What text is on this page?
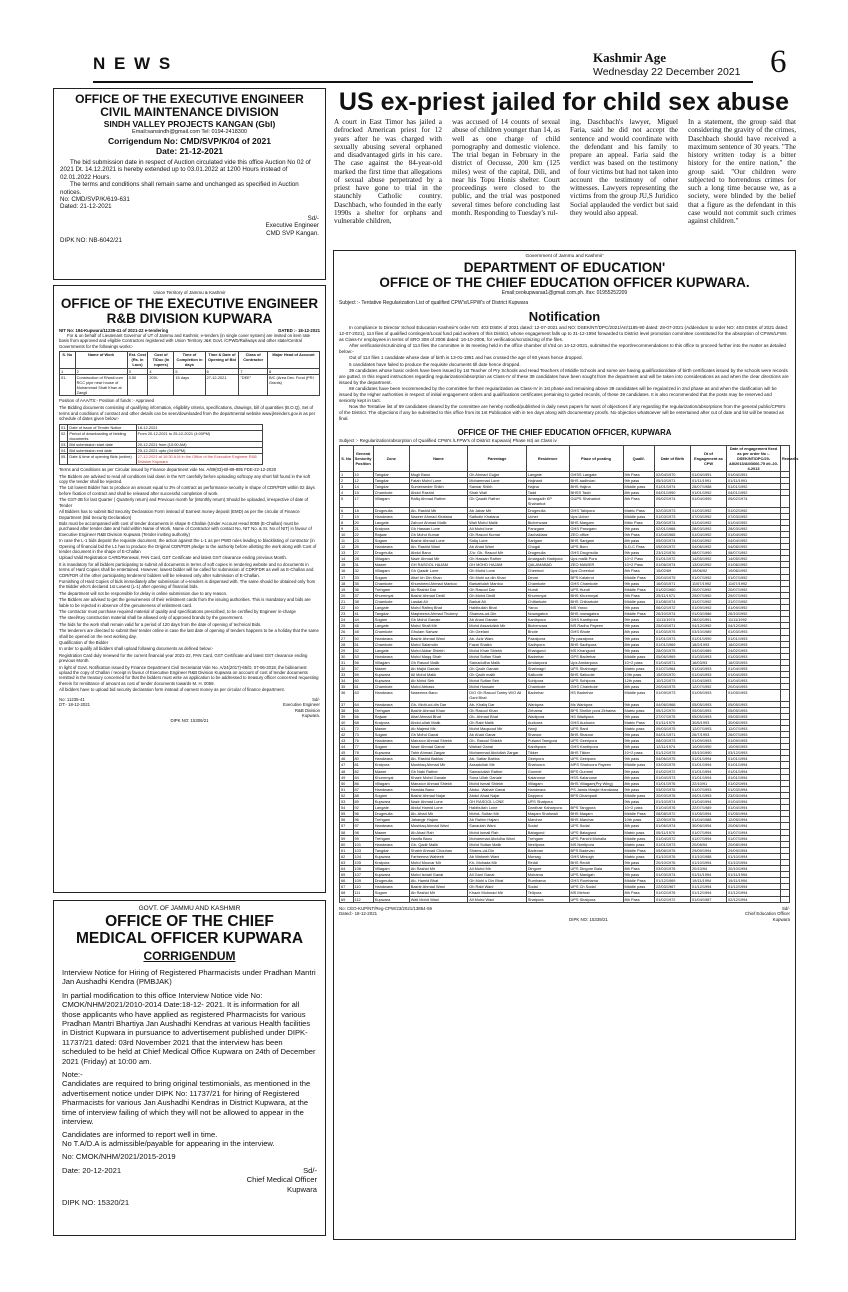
N E W S	Kashmir Age
Wednesday 22 December 2021 6
OFFICE OF THE EXECUTIVE ENGINEER
CIVIL MAINTENANCE DIVISION
SINDH VALLEY PROJECTS KANGAN (Gbl)
Email:sansindh@gmail.com Tel: 0194-2418300
Corrigendum No: CMD/SVP/K/04 of 2021
Date: 21-12-2021
The bid submission date in respect of Auction circulated vide this office Auction No 02 of 2021 Dt. 14.12.2021 is hereby extended up to 03.01.2022 at 1200 Hours instead of 02.01.2022 Hours.
The terms and conditions shall remain same and unchanged as specified in Auction notices.
No: CMD/SVP/K/619-631
Dated: 21-12-2021
Sd/-
Executive Engineer
CMD SVP Kangan.
DIPK NO: NB-6042/21
Union Territory of Jammu & Kashmir
OFFICE OF THE EXECUTIVE ENGINEER
R&B DIVISION KUPWARA
NIT No: 194-Kupwara/11235-41 of 2021-22 e-tendering	DATED :- 18-12-2021
For & on behalf of Lieutenant Governor of UT of Jammu and Kashmir, e-tenders (in single cover system) are invited on item rate basis from approved and eligible Contractors registered with Union Territory J&K Govt. /CPWD/Railways and other state/Central Governments for the followings works:-
S. No	Name of Work	Est. Cost (Rs. In Lacs)	Cost of T/Doc (In rupees)	Time of Completion in days	Time & Date of Opening of Bid	Class of Contractor	Major Head of Account
1	2	3	4	5	6	7	8
01.	Construction of R/wall cum RCC pipe near house of Mohammad Shafi Khan at Zangli	3.50	200/-	15 days	27-12-2021	"DEE"	B/C (Area Dev. Fund (PRI Grants)
Position of AAA/TS:- Position of funds :- Approved
The Bidding documents consisting of qualifying information, eligibility criteria, specifications, drawings, bill of quantities (B.O.Q), Set of terms and conditions of contract and other details can be seen/downloaded from the departmental website www.jktenders.gov.in as per schedule of dates given below:-
01.	Date of issue of Tender Notice	18-12-2021
02.	Period of downloading of bidding documents	From 20-12-2021 to 25-12-2021 (4:00PM)
03.	Bid submission start date	20-12-2021 from (10:00 AM)
04.	Bid submission end date	25-12-2021 upto (04:00PM)
05.	Date & time of opening Bids (online)	27-12-2021 at 10:30 A.M in the Office of the Executive Engineer R&B Division Kupwara

Terms and Conditions as per Circular issued by Finance department vide No. A/89(03)-Bl-89-895 FDE-22-12-2020

The Bidders are advised to read all conditions laid down in the NIT carefully before uploading softcopy any short fall found in the soft copy the tender shall be rejected.

The 1st lowest Bidder has to produce an amount equal to 3% of contract as performance security in shape of CDR/FDR within 02 days before fixation of contract and shall be released after successful completion of work.

The GST-3B for last Quarter ( Quarterly return) and Previous month for (Monthly return) Should be uploaded, irrespective of date of Tender

All Bidders has to submit Bid Security Declaration Form instead of Earnest money deposit (EMD) as per the circular of Finance Department (Bid Security Declaration)

Bids must be accompanied with cost of tender documents in shape E-Challan (Under Account Head 0059 (E-Challan) must be purchased after tender date and hold within Name of Work, Name of Contractor with contact No, NIT No. & Sr. No of NIT) in favour of Executive Engineer R&B Division Kupwara (Tender inviting authority)

In case the L-1 bids deposit the requisite document, the action against the L-1 as per PWD rules leading to blacklisting of contractor (in Opening of financial bid the L1 has to produce the Original CDR/FDR pledge to the authority before allotting the work along with Cost of tender document in the shape of E-Challan

Upload Valid Registration CARD/Renewal, PAN Card, GST Certificate and latest GST clearance ending previous Month.

It is mandatory for all bidders participating to submit all documents in terms of soft copies in rendering website and no documents in terms of Hard Copies shall be entertained. However, lowest bidder will be called for submission of CDR/FDR as well as E-Challan and CDR/FDR of the other participating tenderers/ bidders will be released only after submission of E-Challan.

Furnishing of Hard Copies of bids immediately after submission of e-tenders is dispensed with. The same should be obtained only from the Bidder who's declared 1st Lowest (L-1) after opening of financial bids.

The department will not be responsible for delay in online submission due to any reason.

The Bidders are advised to get the genuineness of their enlistment cards from the issuing authorities. This is mandatory and bids are liable to be rejected in absence of the genuineness of enlistment card.

The contractor must purchase required material of quality and specifications prescribed, to be certified by Engineer in-charge

The steel/Key construction material shall be allowed only of approved brands by the government.

The bids for the work shall remain valid for a period of 120 days from the date of opening of technical Bids.

The tenderers are directed to submit their tender online in case the last date of opening of tenders happens to be a holiday that the same shall be opened on the next working day.

Qualification of the Bidder

In order to qualify all bidders shall upload following documents as defined below:-

Registration Card duly renewed for the current financial year 2021-22, PAN Card, GST Certificate and latest GST clearance ending previous Month.

In light of Govt. Notification issued by Finance Department Civil Secretariat Vide No. A/24(2017)-65/D, 07-06-2018, the bid/earnest upload the copy of Challan / receipt in favour of Executive Engineer R&B Division Kupwara on account of cost of tender documents remitted in the treasury concerned for that the bidders must write an application to be addressed to treasury officer concerned requesting therein for remittance of amount as cost of tender documents towards M. H. 0059.

All bidders have to upload bid security declaration form instead of earnest money as per circular of finance department.

No: 11235-41
DT:- 18-12-2021
Sd/-
Executive Engineer
R&B Division
Kupwara.
DIPK NO: 15306/21
GOVT. OF JAMMU AND KASHMIR
OFFICE OF THE CHIEF
MEDICAL OFFICER KUPWARA
CORRIGENDUM
Interview Notice for Hiring of Registered Pharmacists under Pradhan Mantri Jan Aushadhi Kendra (PMBJAK)
In partial modification to this office Interview Notice vide No: CMOK/NHM/2021/2010-2014 Date:18-12- 2021. It is information for all those applicants who have applied as registered Pharmacists for various Pradhan Mantri Bhartiya Jan Aushadhi Kendras at various Health facilities in District Kupwara in pursuance to advertisement published under DIPK-11737/21 dated: 03rd November 2021 that the interview has been scheduled to be held at Chief Medical Office Kupwara on 24th of December 2021 (Friday) at 10:00 am.
Note:-
Candidates are required to bring original testimonials, as mentioned in the advertisement notice under DIPK No: 11737/21 for hiring of Registered Pharmacists for various Jan Aushadhi Kendras in District Kupwara, at the time of interview failing of which they will not be allowed to appear in the interview.
Candidates are informed to report well in time.
No T.A/D.A is admissible/payable for appearing in the interview.
No: CMOK/NHM/2021/2015-2019
Date: 20-12-2021	Sd/-
Chief Medical Officer
Kupwara
DIPK NO: 15320/21
US ex-priest jailed for child sex abuse
A court in East Timor has jailed a defrocked American priest for 12 years after he was charged with sexually abusing several orphaned and disadvantaged girls in his care. The case against the 84-year-old marked the first time that allegations of sexual abuse perpetrated by a priest have gone to trial in the staunchly Catholic country. Daschbach, who founded in the early 1990s a shelter for orphans and vulnerable children,
was accused of 14 counts of sexual abuse of children younger than 14, as well as one charge of child pornography and domestic violence. The trial began in February in the district of Oecusse, 200 km (125 miles) west of the capital, Dili, and near his Topu Honis shelter. Court proceedings were closed to the public, and the trial was postponed several times before concluding last month. Responding to Tuesday's rul-
ing, Daschbach's lawyer, Miguel Faria, said he did not accept the sentence and would coordinate with the defendant and his family to prepare an appeal. Faria said the verdict was based on the testimony of four victims but had not taken into account the testimony of other witnesses. Lawyers representing the victims from the group JU,S Juridico Social applauded the verdict but said they would also appeal.
In a statement, the group said that considering the gravity of the crimes, Daschbach should have received a maximum sentence of 30 years. "The history written today is a bitter history for the entire nation," the group said. "Our children were subjected to horrendous crimes for such a long time because we, as a society, were blinded by the belief that a figure as the defendant in this case would not commit such crimes against children."
Government of Jammu and Kashmir'
DEPARTMENT OF EDUCATION'
OFFICE OF THE CHIEF EDUCATION OFFICER KUPWARA.
Email;ceokupwaraa1@gmail.com.ph. /fax: 01955252209
Subject :- Tentative Regularization List of qualified CPW's/LFPW's of District Kupwara
Notification

In compliance to Director School Education Kashmir's order NO: 403 DSEK of 2021 dated: 12-07-2021 and NO: DSEK/NT/DPC/2021/AII/1185-90 dated: 28-07-2021 (Addendum to order NO: 403 DSEK of 2021 dated: 12-07-2021), 114 files of qualified contingent/Local fund paid workers of this District, whose engagement falls up to 31-12-1994 forwarded to District level promotion committee constituted for the absorption of CPWs/LFWs as Class-IV employees in terms of SRO 308 of 2008 dated: 16-10-2008, for verification/scrutinizing of the files.

After verification/scrutinizing of 114 files the committee in its meeting held in the office chamber of I/Sd on 14-12-2021, submitted the report/recommendations to this office to proceed further into the matter as detailed below:-

Out of 114 files 1 candidate whose date of birth is 13-01-1961 and has crossed the age of 60 years hence dropped.

5 candidates have failed to produce the requisite documents till date hence dropped.

39 candidates whose basic orders have been issued by 1st Teacher of Pry Schools and Head Teachers of Middle Schools and some are having qualification/date of birth certificates issued by the schools were records are gutted. In this regard instructions regarding regularization/absorption as Class-IV of these 39 candidates have been sought from the department and will be taken into considerations as and when the clear directions are issued by the department.

69 candidates have been recommended by the committee for their regularization as Class-IV in 1st phase and remaining above 39 candidates will be regularized in 2nd phase as and when the clarification will be issued by the Higher authorities in respect of initial engagement orders and qualifications certificates pertaining to gutted records, of these 39 candidates. It is also recommended that the posts may be reserved and seniority kept in tact.

Now the Tentative list of 69 candidates cleared by the committee are hereby notified/published in daily news papers for want of objections if any regarding the regularization/absorptions from the general public/CPW's of the District. The objections if any be submitted to this office from its 1st Publication with in ten days along with documentary proofs. No objection whatsoever will be entertained after cut of date and list will be treated as final.

OFFICE OF THE CHIEF EDUCATION OFFICER, KUPWARA
Subject :- Regularization/absorption of Qualified CPW's /LFPW's of District Kupwara( Phase Ist) as Class iv
S. No	General Seniority Position	Zone	Name	Parentage	Residence	Place of posting	Qualif-	Date of Birth	Dt of Engagement as CPW	Date of engagement fixed as per order No :- DSEK/NT/DPC/29-AII/2013/AII/3666-75 dt:-20-4-2013	Remarks
1	10	Tangdar	Mugli Bano	Gh Ahmad Gujjar	Langate	GHSS Langate	9th Pass	02/04/1970	01/04/1991	01/04/1991	
2	12	Tangdar	Fatah Mohd Lone	Mohammad Lone	Hajinard	BHS aadhvian	9th pass	05/10/1971	01/11/1991	01/11/1991	
3	14	Tangdar	Sumerweder Shikh	Sarwar Shikh	Hajina	BHS Hajina	Middle pass	01/01/1974	28/07/1988	01/01/1992	
4	15	Chamkote	Abdul Rashid	Shah Wali	Tadd	BHSS Tadd	8th pass	04/01/1990	01/01/1992	04/01/1992	
5	17	Villagam	Rafiq Ahmad Rather	Gh Qaadir Rather	Amargadh KP Shaharkot	GUPS Shaharkot	8th Pass	05/02/1974	01/04/1990	05/02/1974	
6	18	Drugmulla	Ab- Rashid Mir	Ab Jabar Mir	Drugmulla	GHS Takipora	Matric Pass	02/03/1973	01/03/1992	01/02/1992	
7	19	Handwara	Nazeer Ahmad Khatana	Saifudin Khatana	Ucher	Ups Ucher	Middle pass	01/03/1973	07/03/1992	07/03/1992	
8	20	Langate	Zahoor Ahmad Malik	Wali Mohd Malik	Bichenvara	BHS Margam	Mtric Pass	25/03/1974	01/04/1992	01/04/1992	
9	21	Kralpora	Gh Hassan Lone	Ali Mohd lone	Panzgam	GHS Panzgam	9th pass	02/01/1968	28/03/1992	28/03/1992	
10	22	Rajwar	Gh Mohd Kumar	Gh Rasool Kumar	Zachaldara	ZEO office	9th Pass	01/04/1965	01/04/1992	01/04/1992	
11	23	Sogam	Bashir Ahmad Lone	Sidiq Lone	Sarigam	BHS Sarigam	8th pass	05/03/1974	04/04/1992	04/04/1992	
12	25	Handwara	Ab- Rashid Wani	Ab Ahad Wani	Chogal	UPS Bom	5-D-C Pass	05/03/1972	04/06/1992	04/06/1992	
13	27	Drugmulla	Abdul Bano	Z/o: Gh- Rasool Mir	Drugmulla	GHS Drugmulla	9th pass	23/12/1976	08/07/1990	08/07/1992	
14	28	Villagam	Nazir Ahmad Mir	Gh Hassan Rather	Amargadh Hadipora	Ups malik Pora	10+2 Pass	01/01/1972	14/05/1992	14/05/1992	
15	31	Mawer	GH RASOOL HAJAM	GH MOHD HAJAM	QALAMABAD	ZEO MAWER	10+2 Pass	01/06/1974	13/04/1992	01/06/1992	
16	32	Villagam	Gh Qaadir Lone	Gh Mohd Lone	Cheerkot	Ups Cheerkot	8th Pass	15/02/69	19/06/92	19/06/1992	
17	33	Sogam	Altaf Un Din Khan	Gh Mohi ua din Khan	Devar	BPS Kalahrot	Middle Pass	20/04/1975	01/07/1992	01/07/1992	
18	35	Chamkote	Khursheed Ahmad Mantoo	Barkattulah Mantoo	Chamkote	GHS Chamkote	9th pass	16/03/1971	11/07/1992	11/07/1992	
19	36	Trehgam	Ab Rashid Dar	Gh Rasool Dar	Hundi	UPS Hundi	Middle Pass	01/02/1960	20/07/1992	20/07/1992	
20	37	Khurmnyal	Bashir Ahmad Dedil	Gh Mohd Dedil	Khurmnyal	BHS Khurmnyal	9th Pass	25/11/1971	29/07/1992	29/07/1992	
21	38	Chamkote	Lasdat Ali	Barkat Ali	Chittarkote	BHS Chittarkote	Middle pass	01/08/1974	31/07/1992	31/07/1992	
22	40	Langate	Mohd Rafieq Bhat	Habibullah Bhat	Yaroo	MS Yaroo	9th pass	06/02/1972	01/09/1992	01/09/1992	
23	41	Tangdar	Maqbeerra Ahmad Thokery	Shamas-ud-Din	Nowagabra	BHS nowagabra	Middle Pass	26/10/1974	01/03/1986	26/10/1992	
24	44	Sogam	Gh Mohd Ganaie	Ab Ahad Ganaie	Kanthpora	GHS Kanthpora	9th pass	11/11/1974	28/02/1991	11/11/1992	
25	46	Langate	Mohd Shafi Mir	Mohd Assadullah Mir	Bichenvara	MS Radhu Payeen	9th pass	25/04/1971	04/12/1992	04/12/1992	
26	48	Chamkote	Ghulam Sarwar	Gh Geelani	Bhote	GHS Bhote	8th pass	01/03/1975	03/10/1989	01/03/1993	
27	50	Handwara	Bashir Ahmad Wani	Ab- Aziz Wani	Pazalpora	Pp pazalpora	9th pass	01/01/1973	01/01/1990	01/01/1993	
28	51	Chamkote	Mohd Salamdin	Fazal Shaikh	Sadhpora	BHS Sadhpora	8th pass	01/01/1969	18/2/1993	18/02/1993	
29	52	Langate	Mohd Akbar Shiekh	Mohd Khan Shiekh	Khangund	MS Khangund	9th pass	28/03/1975	04/04/1989	24/02/1993	
30	53	Handwara	Mohd Maqq Shah	Mohd Sultan Shah	Badrehar	GPS Badrehar	Middle pass	05/06/1969	01/03/1993	01/03/1993	
31	56	Villagam	Gh Rasool Malik	Samadullha Malik	Amdarpora	Ups Amdarpora	10+2 pass	01/04/1971	16/03/93	16/03/1993	
32	57	Mawer	Ab Majid Ganaie	Gh Qadir Ganaie	Shahnagri	UPS Shahnagri	Matric pass	01/07/1964	01/04/1993	01/04/1993	
33	59	Kupwara	Ali Mohd Malik	Gh Qadir malik	Salkoote	BHS Salkoote	10th pass	15/03/1970	01/04/1993	01/04/1993	
34	60	Kupwara	Ab Mohd Seh	Mohd Sultan Seh	Sohipora	UPS Sohipora	12th pass	10/12/1973	01/04/1993	01/04/1993	
35	61	Chamkote	Mohd Abbass	Mohd Hussain	Chamkote	GHS Chamkote	8th pass	20/04/1975	12/07/1992	20/04/1993	
36	63	Handwara	Naseema Bano	D/O Gh Rasool Tantry W/O Ali Gani Bhat	Badrehar	HS Badrehar	Middle pass	01/09/1973	01/05/1993	01/05/1993	
37	64	Handwara	Gh- Mohi-ud-din Dar	Ab- Khaliq Dar	Wariqora	Ms Wariqora	9th pass	04/06/1968	05/05/1993	05/05/1993	
38	65	Trehgam	Bashir Ahmad Khan	Gh Rasool Khan	Zirhama	BPS Sheikh pora Zirhama	Matric pass	05/12/1970	05/05/1993	05/05/1993	
39	66	Rajwar	Altaf Ahmad Bhat	Gh- Ahmad Bhat	Wadipora	HS Wadipora	9th pass	27/07/1975	05/05/1993	05/05/1993	
40	68	Kralpora	Abdul-ullah Malik	Gh Rabi Malik	Audoora	GHS Audoora	Matric Pass	01/11/1970	30/6/1993	30/06/1993	
41	72	Mawer	Ab Majeed Mir	Mohd Maqsood Mir	Hanji	UPS Rard	Matric pass	09/03/1975	12/07/1993	12/07/1993	
42	73	Sogam	Gh Mohd Ganai	Ab Ahad Ganai	Sharoor	BHS Sharoor	9th pass	04/01/1971	26/7/1993	26/07/1993	
43	76	Handwara	Manzoor Ahmad Shiekh	Gh- Rasool Shiekh	Putwari Tarngora	UPS Geeripora	9th pass	08/03/1973	01/09/1993	01/09/1993	
44	77	Sogam	Nazir Ahmad Ganai	Wahad Ganai	Kanthpora	GHS Kanthpora	9th pass	12/11/1974	10/09/1990	10/09/1993	
45	78	Kupwara	Tahir Ahmad Zargar	Mohammad Abdullah Zargar	Tikker	BHS Tikker	10+2 pass	01/12/1975	03/10/1990	03/12/1993	
46	80	Handwara	Ab- Rashid Bablos	Ab- Sattar Bablos	Geeipora	UPS Geeipora	9th pass	04/06/1975	01/01/1994	01/01/1994	
47	81	Kralpora	Mushtaq Ahmad Mir	Assadullah Mir	Shahoora	MPS Shahoora Payeen	Middle pass	03/03/1975	01/01/1994	01/01/1994	
48	82	Mawer	Gh Nabi Rather	Samadullah Rather	Gunmel	BPS Gunmel	9th pass	01/02/1972	01/01/1994	01/01/1994	
49	84	Khurmnyal	Khazir Mohd Ganaie	Sona Ullah Ganaie	Kalaroose	HSS Kalaroose	8th pass	01/04/1973	01/01/1994	01/01/1994	
50	86	Villagam	Manzoor Ahmad Shiekh	Mohd Ismail Shiekh	Villagam	BHS Villagam(Pry Wing)	8th pass	01/01/1976	22/10/91	01/02/1994	
51	87	Handwara	Hamida Bano	Abdul- Wahab Ganai	Handwara	PS Jamia Masjid Handwara	9th pass	03/02/1976	01/07/1993	01/03/1994	
52	88	Sogam	Bashir Ahmad Najar	Abdul Ahad Najar	Dappera	BPS Dhampadi	Middle pass	20/03/1976	04/01/1993	23/03/1994	
53	89	Kupwara	Nazir Ahmad Lone	GH RASOOL LONE	UPS Shatpora		9th pass	01/10/1974	01/04/1994	01/04/1994	
54	92	Langate	Abdul Hamid Lone	Habibullah Lone	Dardhair Kaharpora	BPS Tangpora	10+2 pass	01/04/1976	22/07/1989	01/04/1994	
55	96	Drugmulla	Ab- Ahad Mir	Mohd- Sultan Mir	Maqam Shahwali	BHS Maqam	Middle Pass	08/08/1972	01/05/1994	01/05/1994	
56	96	Trehgam	Jahangir Hajam	Ab Rahim Hajam	Marchar	BHS Marchar	10th pass	12/05/1976	01/04/1988	12/05/1994	
57	97	Handwara	Mushtaq Ahmad Wani	Sanaulah Wani	Sodal	UPS Sodal	8th pass	01/06/1974	30/06/1994	20/06/1994	
58	98	Mawer	Ab Ahad Rah	Mohd Ismail Rah	Batagund	UPS Batagund	Matric pass	05/11/1970	01/07/1994	01/07/1994	
59	99	Trehgam	Hanifa Bano	Mohammad Abdulha Wani	Trehgam	UPS Panchi Mohalla	Middle pass	01/04/1972	01/07/1994	01/07/1994	
60	101	Handwara	Gh- Qadir Malik	Mohd Sultan Malik	Neelipora	MS Neelipora	Matric pass	01/01/1973	20/08/94	20/08/1994	
61	103	Tangdar	Shabir Ahmad Chouhan	Shams-ud-Din	Badevan	BPS Badevan	Middle Pass	05/06/1976	29/09/1994	29/09/1994	
62	104	Kupwara	Farbeema Waheeb	Ab Waheeb Wani	Morsag	GHS Mirsogh	Matric pass	01/10/1976	01/10/1988	01/10/1994	
63	105	Kralpora	Mohd Moovar Mir	Kh- Mohada Mir	Reddi	BHS Reddi	9th pass	20/10/1976	01/10/1994	01/10/1994	
64	106	Villagam	Ab Rashid Mir	Ali Mohd Mir	Dingore	UPS Dingore Bala	8th Pass	03/03/1976	20/10/94	20/10/1994	
65	107	Kupwara	Mohd Ismail Ganai	Ali Gani Ganai	Mohama	UPS Manigah	9th pass	01/03/1974	01/11/1994	01/11/1994	
66	109	Drugmulla	Ab- Hamid Bhat	Gh Mohi u Din Bhat	Rumhama	GHS Rumhama	Middle Pass	01/12/1969	19/11/1994	19/11/1994	
67	110	Handwara	Bashir Ahmad Wani	Gh Rabi Wani	Sodal	UPS Ch Sodal	Middle pass	22/03/1967	01/12/1994	01/12/1994	
68	111	Sogam	Ab Rashid Mir	Khazir Mohmad Mir	Telipora	MS Mehrat	8th Pass	01/02/1976	01/12/1994	01/12/1994	
69	112	Kupwara	Wali Mohd Wani	Ali Mohd Wani	Shatpora	UPS Shatpora	8th Pass	01/02/1972	01/04/1987	02/12/1994	
No: CEO-KUP/NT/Reg-CPW/23/2021/13854-59
Dated:- 18-12-2021
DIPK NO: 15339/21
Sd/-
Chief Education Officer
Kupwara
